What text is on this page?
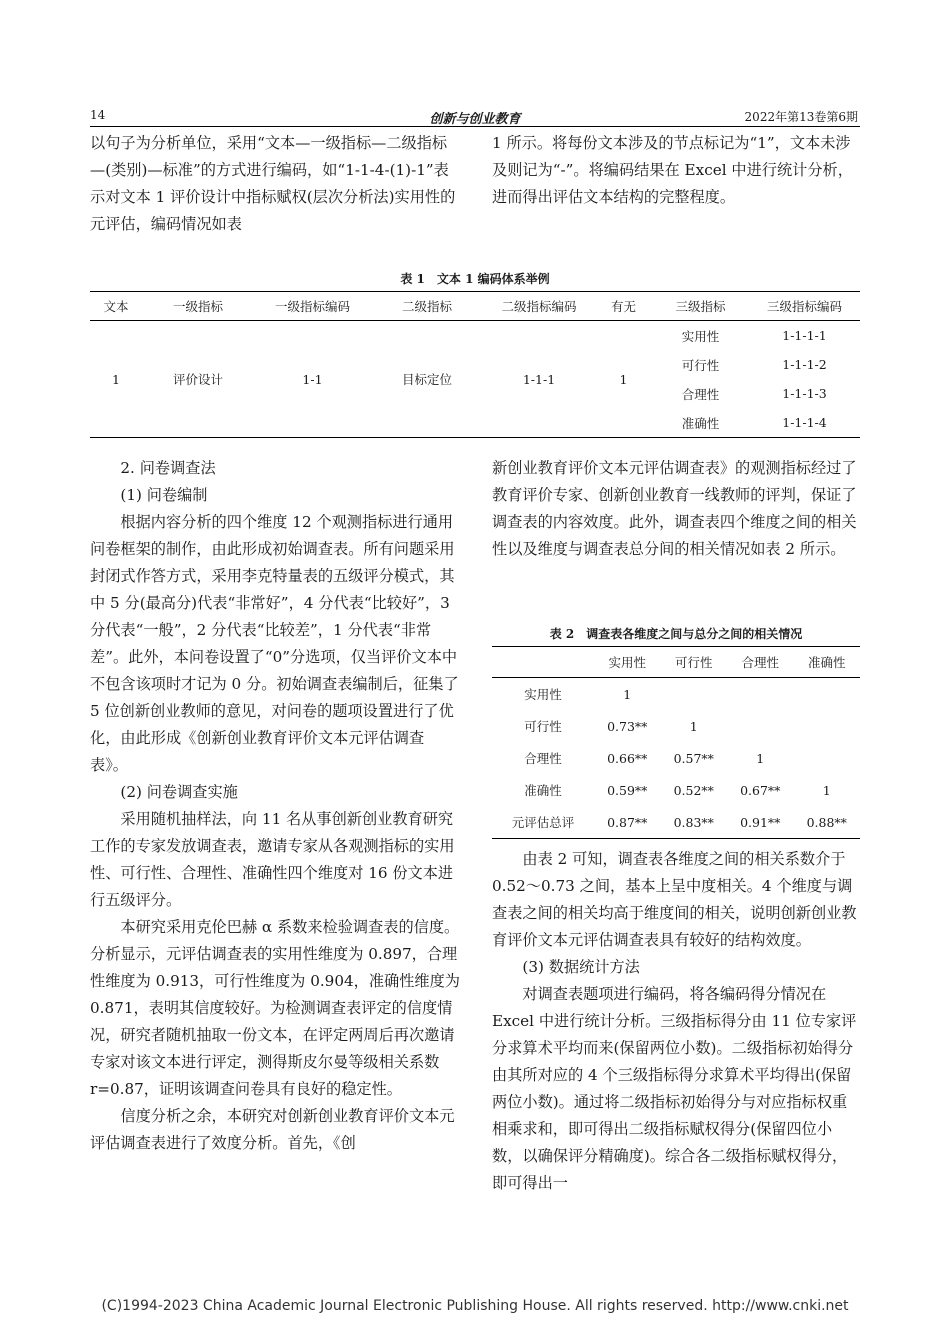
14	创新与创业教育	2022年第13卷第6期

以句子为分析单位，采用“文本—一级指标—二级指标—(类别)—标准”的方式进行编码，如“1-1-4-(1)-1”表示对文本 1 评价设计中指标赋权(层次分析法)实用性的元评估，编码情况如表

1 所示。将每份文本涉及的节点标记为“1”，文本未涉及则记为“-”。将编码结果在 Excel 中进行统计分析，进而得出评估文本结构的完整程度。

表 1　文本 1 编码体系举例
文本	一级指标	一级指标编码	二级指标	二级指标编码	有无	三级指标	三级指标编码
1	评价设计	1-1	目标定位	1-1-1	1	实用性	1-1-1-1
						可行性	1-1-1-2
						合理性	1-1-1-3
						准确性	1-1-1-4

2. 问卷调查法

(1) 问卷编制

根据内容分析的四个维度 12 个观测指标进行通用问卷框架的制作，由此形成初始调查表。所有问题采用封闭式作答方式，采用李克特量表的五级评分模式，其中 5 分(最高分)代表“非常好”，4 分代表“比较好”，3 分代表“一般”，2 分代表“比较差”，1 分代表“非常差”。此外，本问卷设置了“0”分选项，仅当评价文本中不包含该项时才记为 0 分。初始调查表编制后，征集了 5 位创新创业教师的意见，对问卷的题项设置进行了优化，由此形成《创新创业教育评价文本元评估调查表》。

(2) 问卷调查实施

采用随机抽样法，向 11 名从事创新创业教育研究工作的专家发放调查表，邀请专家从各观测指标的实用性、可行性、合理性、准确性四个维度对 16 份文本进行五级评分。

本研究采用克伦巴赫 α 系数来检验调查表的信度。分析显示，元评估调查表的实用性维度为 0.897，合理性维度为 0.913，可行性维度为 0.904，准确性维度为 0.871，表明其信度较好。为检测调查表评定的信度情况，研究者随机抽取一份文本，在评定两周后再次邀请专家对该文本进行评定，测得斯皮尔曼等级相关系数 r=0.87，证明该调查问卷具有良好的稳定性。

信度分析之余，本研究对创新创业教育评价文本元评估调查表进行了效度分析。首先，《创

新创业教育评价文本元评估调查表》的观测指标经过了教育评价专家、创新创业教育一线教师的评判，保证了调查表的内容效度。此外，调查表四个维度之间的相关性以及维度与调查表总分间的相关情况如表 2 所示。

表 2　调查表各维度之间与总分之间的相关情况
	实用性	可行性	合理性	准确性
实用性	1			
可行性	0.73**	1		
合理性	0.66**	0.57**	1	
准确性	0.59**	0.52**	0.67**	1
元评估总评	0.87**	0.83**	0.91**	0.88**

由表 2 可知，调查表各维度之间的相关系数介于 0.52～0.73 之间，基本上呈中度相关。4 个维度与调查表之间的相关均高于维度间的相关，说明创新创业教育评价文本元评估调查表具有较好的结构效度。

(3) 数据统计方法

对调查表题项进行编码，将各编码得分情况在 Excel 中进行统计分析。三级指标得分由 11 位专家评分求算术平均而来(保留两位小数)。二级指标初始得分由其所对应的 4 个三级指标得分求算术平均得出(保留两位小数)。通过将二级指标初始得分与对应指标权重相乘求和，即可得出二级指标赋权得分(保留四位小数，以确保评分精确度)。综合各二级指标赋权得分，即可得出一

(C)1994-2023 China Academic Journal Electronic Publishing House. All rights reserved. http://www.cnki.net
